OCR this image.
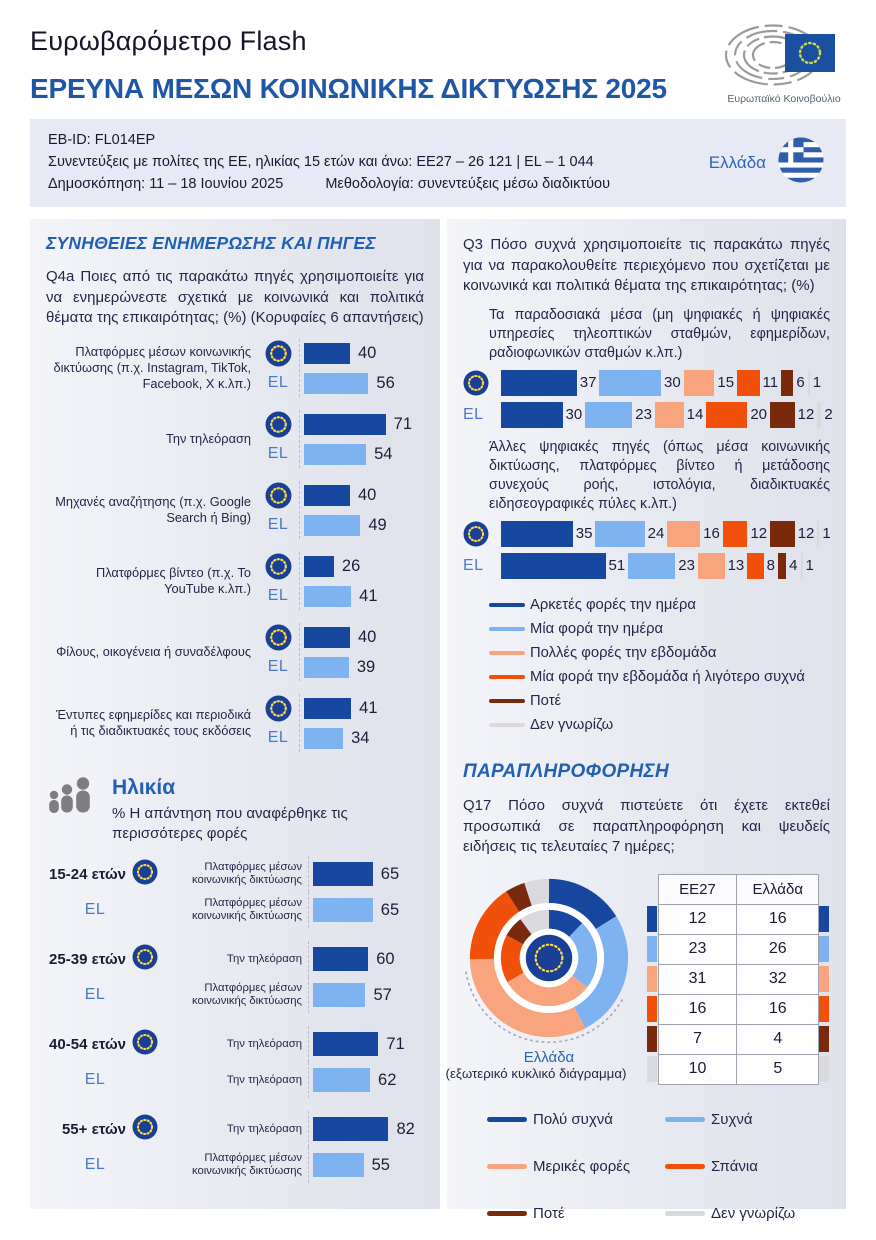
Ευρωβαρόμετρο Flash
ΕΡΕΥΝΑ ΜΕΣΩΝ ΚΟΙΝΩΝΙΚΗΣ ΔΙΚΤΥΩΣΗΣ 2025	Ευρωπαϊκό Κοινοβούλιο
EB-ID: FL014EP
Συνεντεύξεις με πολίτες της ΕΕ, ηλικίας 15 ετών και άνω: ΕΕ27 – 26 121 | EL – 1 044
Δημοσκόπηση: 11 – 18 Ιουνίου 2025	Μεθοδολογία: συνεντεύξεις μέσω διαδικτύου
Ελλάδα
ΣΥΝΗΘΕΙΕΣ ΕΝΗΜΕΡΩΣΗΣ ΚΑΙ ΠΗΓΕΣ
Q4a Ποιες από τις παρακάτω πηγές χρησιμοποιείτε για να ενημερώνεστε σχετικά με κοινωνικά και πολιτικά θέματα της επικαιρότητας; (%) (Κορυφαίες 6 απαντήσεις)
Πλατφόρμες μέσων κοινωνικής δικτύωσης (π.χ. Instagram, TikTok, Facebook, X κ.λπ.)
40
EL	56
Την τηλεόραση
71
EL	54
Μηχανές αναζήτησης (π.χ. Google Search ή Bing)
40
EL	49
Πλατφόρμες βίντεο (π.χ. Το YouTube κ.λπ.)
26
EL	41
Φίλους, οικογένεια ή συναδέλφους
40
EL	39
Έντυπες εφημερίδες και περιοδικά ή τις διαδικτυακές τους εκδόσεις
41
EL	34
Ηλικία
% Η απάντηση που αναφέρθηκε τις περισσότερες φορές
15-24 ετών	Πλατφόρμες μέσων κοινωνικής δικτύωσης	65
EL	Πλατφόρμες μέσων κοινωνικής δικτύωσης	65
25-39 ετών	Την τηλεόραση	60
EL	Πλατφόρμες μέσων κοινωνικής δικτύωσης	57
40-54 ετών	Την τηλεόραση	71
EL	Την τηλεόραση	62
55+ ετών	Την τηλεόραση	82
EL	Πλατφόρμες μέσων κοινωνικής δικτύωσης	55
Q3 Πόσο συχνά χρησιμοποιείτε τις παρακάτω πηγές για να παρακολουθείτε περιεχόμενο που σχετίζεται με κοινωνικά και πολιτικά θέματα της επικαιρότητας; (%)
Τα παραδοσιακά μέσα (μη ψηφιακές ή ψηφιακές υπηρεσίες τηλεοπτικών σταθμών, εφημερίδων, ραδιοφωνικών σταθμών κ.λπ.)
37	30 15 11 6 1
EL	30	23 14	20 12 2
Άλλες ψηφιακές πηγές (όπως μέσα κοινωνικής δικτύωσης, πλατφόρμες βίντεο ή μετάδοσης συνεχούς ροής, ιστολόγια, διαδικτυακές ειδησεογραφικές πύλες κ.λπ.)
35	24	16 12 12 1
EL	51	23 13 8 4 1
Αρκετές φορές την ημέρα
Μία φορά την ημέρα
Πολλές φορές την εβδομάδα
Μία φορά την εβδομάδα ή λιγότερο συχνά
Ποτέ
Δεν γνωρίζω
ΠΑΡΑΠΛΗΡΟΦΟΡΗΣΗ
Q17 Πόσο συχνά πιστεύετε ότι έχετε εκτεθεί προσωπικά σε παραπληροφόρηση και ψευδείς ειδήσεις τις τελευταίες 7 ημέρες;
Ελλάδα
(εξωτερικό κυκλικό διάγραμμα)
	ΕΕ27	Ελλάδα	

	12	16	

	23	26	

	31	32	

	16	16	

	7	4	

	10	5	
Πολύ συχνά	Συχνά
Μερικές φορές	Σπάνια
Ποτέ	Δεν γνωρίζω
